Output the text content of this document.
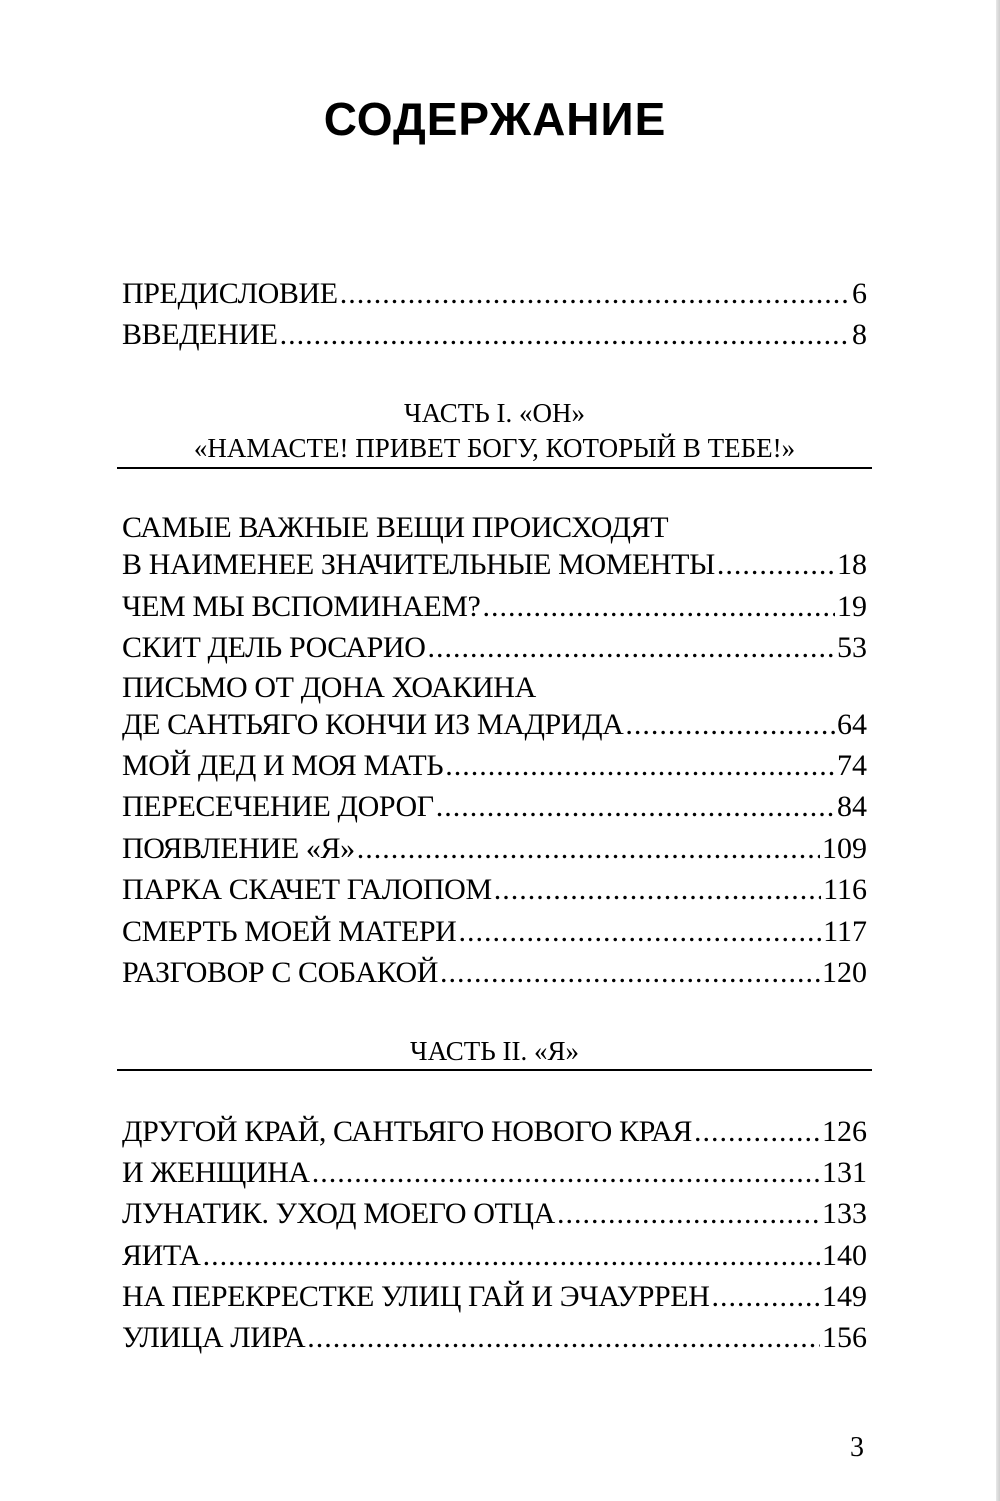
СОДЕРЖАНИЕ
ПРЕДИСЛОВИЕ .....	6
ВВЕДЕНИЕ .....	8
ЧАСТЬ I. «ОН»
«НАМАСТЕ! ПРИВЕТ БОГУ, КОТОРЫЙ В ТЕБЕ!»
САМЫЕ ВАЖНЫЕ ВЕЩИ ПРОИСХОДЯТ
В НАИМЕНЕЕ ЗНАЧИТЕЛЬНЫЕ МОМЕНТЫ .....	18
ЧЕМ МЫ ВСПОМИНАЕМ? .....	19
СКИТ ДЕЛЬ РОСАРИО .....	53
ПИСЬМО ОТ ДОНА ХОАКИНА
ДЕ САНТЬЯГО КОНЧИ ИЗ МАДРИДА .....	64
МОЙ ДЕД И МОЯ МАТЬ .....	74
ПЕРЕСЕЧЕНИЕ ДОРОГ .....	84
ПОЯВЛЕНИЕ «Я» .....	109
ПАРКА СКАЧЕТ ГАЛОПОМ .....	116
СМЕРТЬ МОЕЙ МАТЕРИ .....	117
РАЗГОВОР С СОБАКОЙ .....	120
ЧАСТЬ II. «Я»
ДРУГОЙ КРАЙ, САНТЬЯГО НОВОГО КРАЯ .....	126
И ЖЕНЩИНА .....	131
ЛУНАТИК. УХОД МОЕГО ОТЦА .....	133
ЯИТА .....	140
НА ПЕРЕКРЕСТКЕ УЛИЦ ГАЙ И ЭЧАУРРЕН .....	149
УЛИЦА ЛИРА .....	156
3
